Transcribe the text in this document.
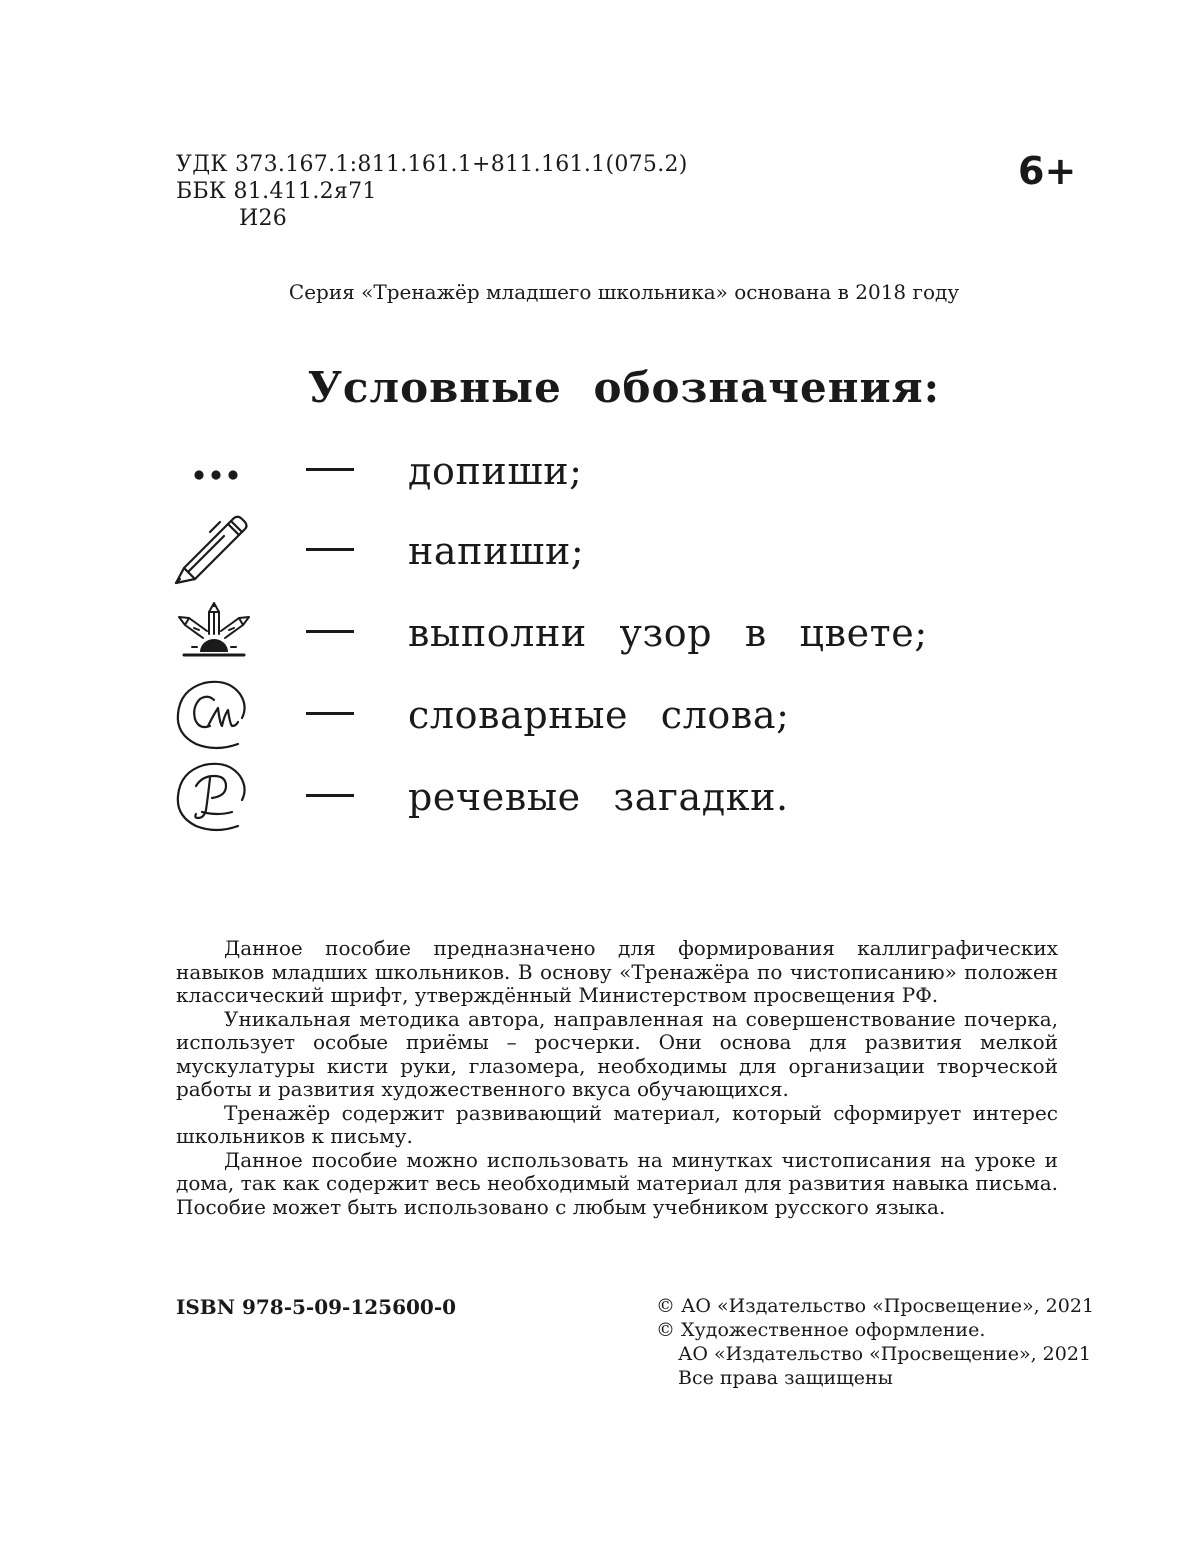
УДК 373.167.1:811.161.1+811.161.1(075.2)
ББК 81.411.2я71
И26
6+
Серия «Тренажёр младшего школьника» основана в 2018 году
Условные обозначения:
допиши;
напиши;
выполни узор в цвете;
словарные слова;
речевые загадки.

Данное пособие предназначено для формирования каллиграфических навыков младших школьников. В основу «Тренажёра по чистописанию» положен классический шрифт, утверждённый Министерством просвещения РФ.

Уникальная методика автора, направленная на совершенствование почерка, использует особые приёмы – росчерки. Они основа для развития мелкой мускулатуры кисти руки, глазомера, необходимы для организации творческой работы и развития художественного вкуса обучающихся.

Тренажёр содержит развивающий материал, который сформирует интерес школьников к письму.

Данное пособие можно использовать на минутках чистописания на уроке и дома, так как содержит весь необходимый материал для развития навыка письма. Пособие может быть использовано с любым учебником русского языка.

ISBN 978-5-09-125600-0	© АО «Издательство «Просвещение», 2021
© Художественное оформление.
АО «Издательство «Просвещение», 2021
Все права защищены
